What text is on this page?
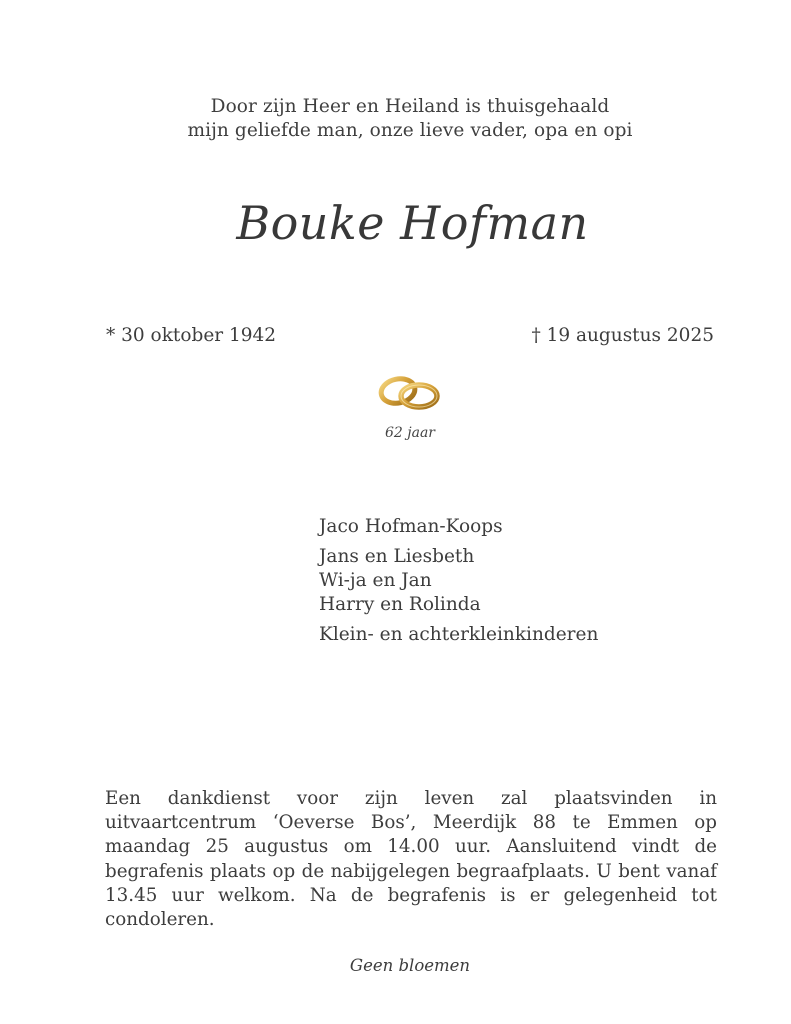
Door zijn Heer en Heiland is thuisgehaald
mijn geliefde man, onze lieve vader, opa en opi
Bouke Hofman
* 30 oktober 1942	† 19 augustus 2025
62 jaar
Jaco Hofman-Koops
Jans en Liesbeth
Wi-ja en Jan
Harry en Rolinda
Klein- en achterkleinkinderen
Een dankdienst voor zijn leven zal plaatsvinden in uitvaartcentrum ‘Oeverse Bos’, Meerdijk 88 te Emmen op maandag 25 augustus om 14.00 uur. Aansluitend vindt de begrafenis plaats op de nabijgelegen begraafplaats. U bent vanaf 13.45 uur welkom. Na de begrafenis is er gelegenheid tot condoleren.
Geen bloemen
